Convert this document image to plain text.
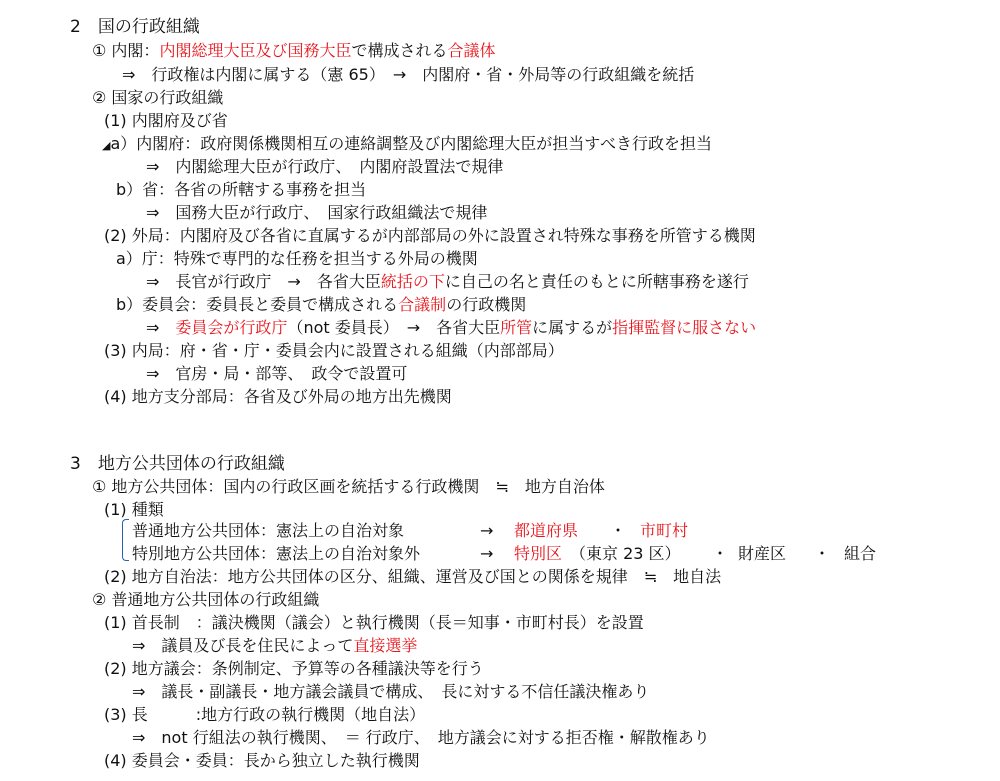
2　国の行政組織
① 内閣：内閣総理大臣及び国務大臣で構成される合議体
⇒　行政権は内閣に属する（憲 65）　→　内閣府・省・外局等の行政組織を統括
② 国家の行政組織
(1) 内閣府及び省
◢a）内閣府：政府関係機関相互の連絡調整及び内閣総理大臣が担当すべき行政を担当
⇒　内閣総理大臣が行政庁、　内閣府設置法で規律
b）省：各省の所轄する事務を担当
⇒　国務大臣が行政庁、　国家行政組織法で規律
(2) 外局：内閣府及び各省に直属するが内部部局の外に設置され特殊な事務を所管する機関
a）庁：特殊で専門的な任務を担当する外局の機関
⇒　長官が行政庁　→　各省大臣統括の下に自己の名と責任のもとに所轄事務を遂行
b）委員会：委員長と委員で構成される合議制の行政機関
⇒　委員会が行政庁（not 委員長）　→　各省大臣所管に属するが指揮監督に服さない
(3) 内局：府・省・庁・委員会内に設置される組織（内部部局）
⇒　官房・局・部等、　政令で設置可
(4) 地方支分部局：各省及び外局の地方出先機関
3　地方公共団体の行政組織
① 地方公共団体：国内の行政区画を統括する行政機関　≒　地方自治体
(1) 種類
普通地方公共団体：憲法上の自治対象	→ 都道府県 ・ 市町村
特別地方公共団体：憲法上の自治対象外	→ 特別区 （東京 23 区） ・ 財産区 ・ 組合
(2) 地方自治法：地方公共団体の区分、組織、運営及び国との関係を規律　≒　地自法
② 普通地方公共団体の行政組織
(1) 首長制　：議決機関（議会）と執行機関（長＝知事・市町村長）を設置
⇒　議員及び長を住民によって直接選挙
(2) 地方議会：条例制定、予算等の各種議決等を行う
⇒　議長・副議長・地方議会議員で構成、　長に対する不信任議決権あり
(3) 長　　　:地方行政の執行機関（地自法）
⇒　not 行組法の執行機関、　＝ 行政庁、　地方議会に対する拒否権・解散権あり
(4) 委員会・委員：長から独立した執行機関
